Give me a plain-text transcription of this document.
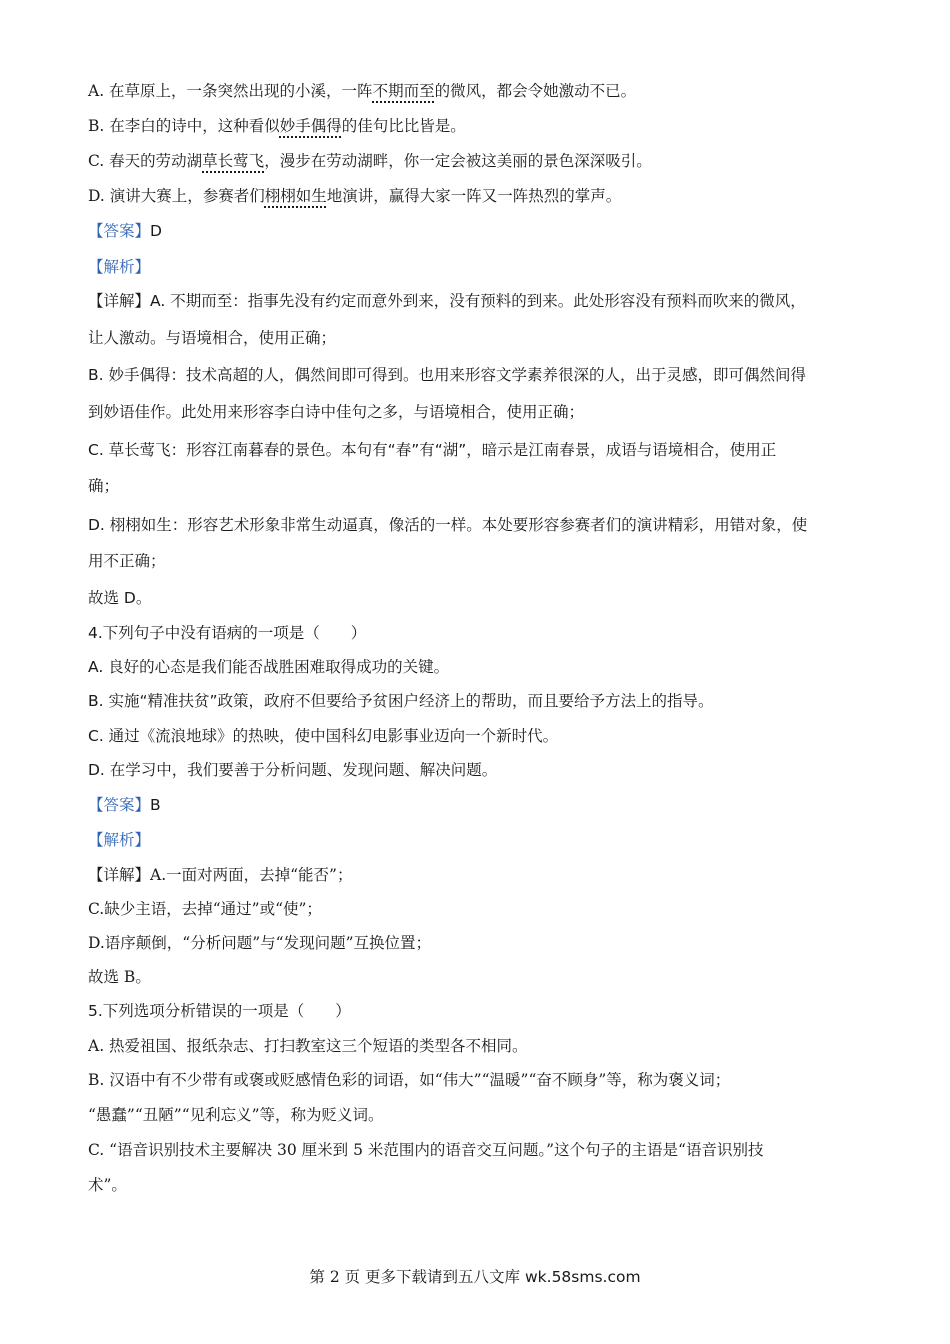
A. 在草原上，一条突然出现的小溪，一阵不期而至的微风，都会令她激动不已。
B. 在李白的诗中，这种看似妙手偶得的佳句比比皆是。
C. 春天的劳动湖草长莺飞，漫步在劳动湖畔，你一定会被这美丽的景色深深吸引。
D. 演讲大赛上，参赛者们栩栩如生地演讲，赢得大家一阵又一阵热烈的掌声。
【答案】D
【解析】
【详解】A. 不期而至：指事先没有约定而意外到来，没有预料的到来。此处形容没有预料而吹来的微风，
让人激动。与语境相合，使用正确；
B. 妙手偶得：技术高超的人，偶然间即可得到。也用来形容文学素养很深的人，出于灵感，即可偶然间得
到妙语佳作。此处用来形容李白诗中佳句之多，与语境相合，使用正确；
C. 草长莺飞：形容江南暮春的景色。本句有“春”有“湖”，暗示是江南春景，成语与语境相合，使用正
确；
D. 栩栩如生：形容艺术形象非常生动逼真，像活的一样。本处要形容参赛者们的演讲精彩，用错对象，使
用不正确；
故选 D。
4.下列句子中没有语病的一项是（　　）
A. 良好的心态是我们能否战胜困难取得成功的关键。
B. 实施“精准扶贫”政策，政府不但要给予贫困户经济上的帮助，而且要给予方法上的指导。
C. 通过《流浪地球》的热映，使中国科幻电影事业迈向一个新时代。
D. 在学习中，我们要善于分析问题、发现问题、解决问题。
【答案】B
【解析】
【详解】A.一面对两面，去掉“能否”；
C.缺少主语，去掉“通过”或“使”；
D.语序颠倒，“分析问题”与“发现问题”互换位置；
故选 B。
5.下列选项分析错误的一项是（　　）
A. 热爱祖国、报纸杂志、打扫教室这三个短语的类型各不相同。
B. 汉语中有不少带有或褒或贬感情色彩的词语，如“伟大”“温暖”“奋不顾身”等，称为褒义词；
“愚蠢”“丑陋”“见利忘义”等，称为贬义词。
C. “语音识别技术主要解决 30 厘米到 5 米范围内的语音交互问题。”这个句子的主语是“语音识别技
术”。
第 2 页 更多下载请到五八文库 wk.58sms.com
